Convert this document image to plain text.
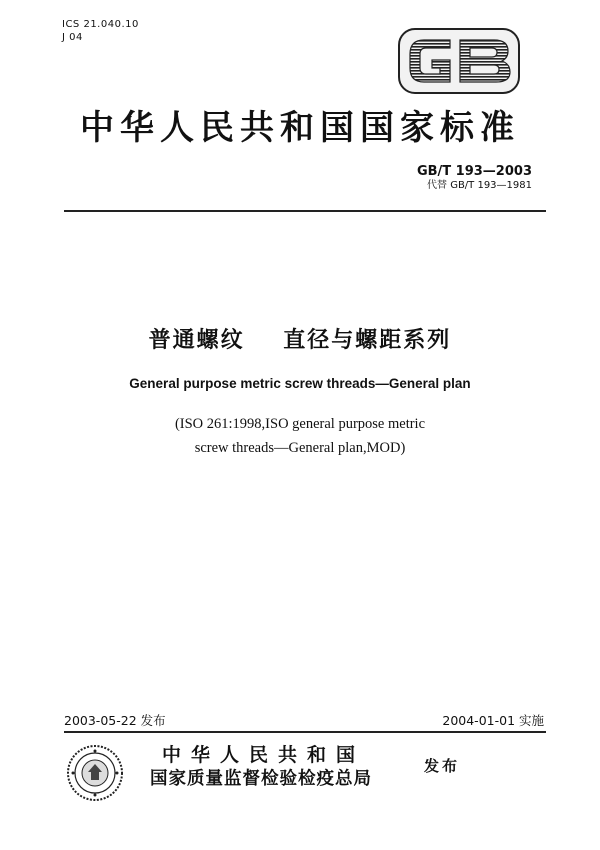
ICS 21.040.10
J 04
中华人民共和国国家标准
GB/T 193—2003
代替 GB/T 193—1981
普通螺纹    直径与螺距系列
General purpose metric screw threads—General plan
(ISO 261:1998,ISO general purpose metric
screw threads—General plan,MOD)
2003-05-22 发布	2004-01-01 实施
中华人民共和国
国家质量监督检验检疫总局
发布
